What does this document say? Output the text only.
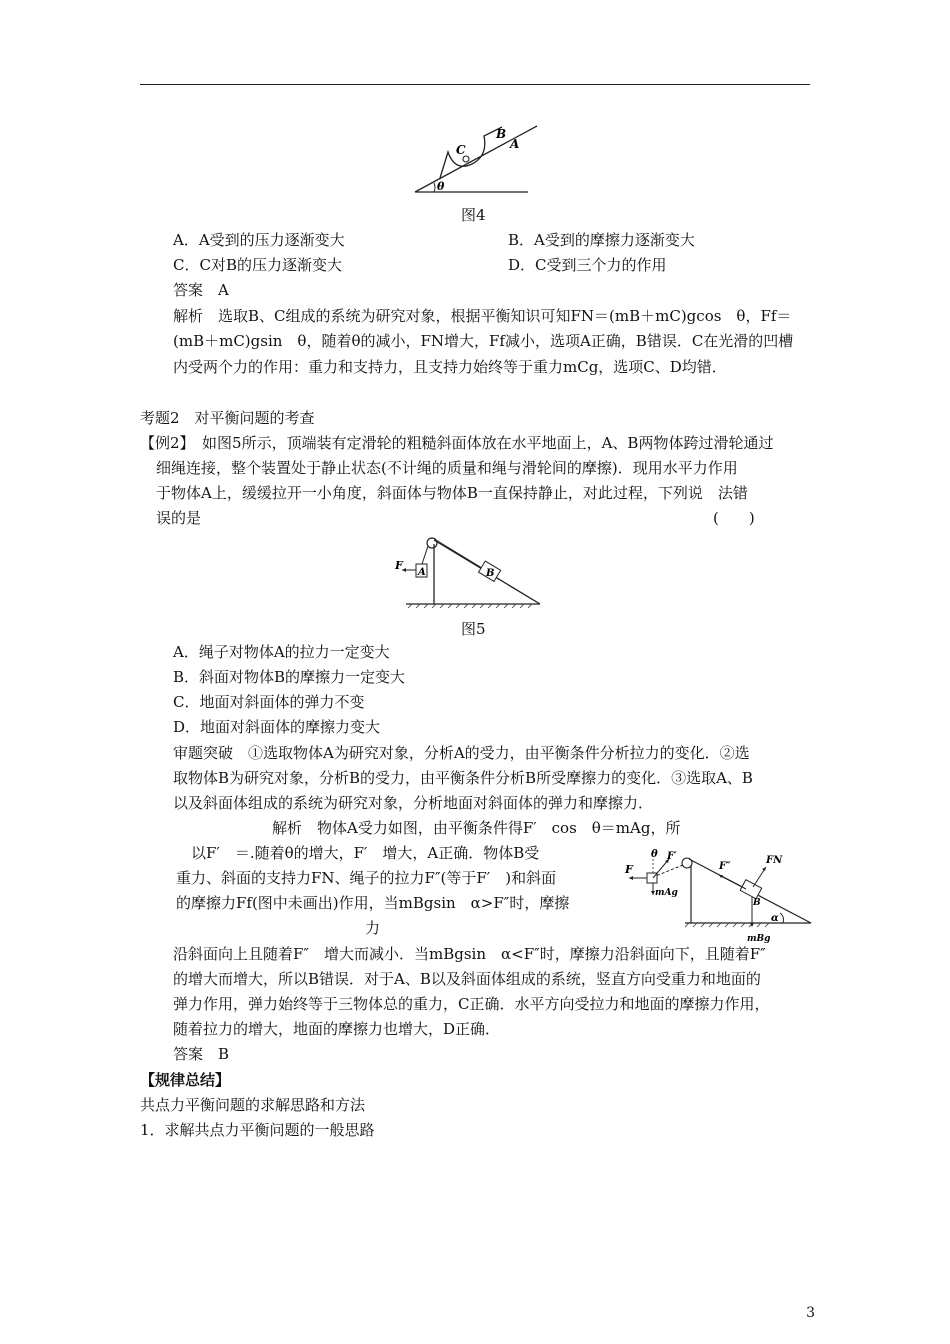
C
B
A
θ
图4
A．A受到的压力逐渐变大	B．A受到的摩擦力逐渐变大
C．C对B的压力逐渐变大	D．C受到三个力的作用
答案　A
解析　选取B、C组成的系统为研究对象，根据平衡知识可知FN＝(mB＋mC)gcos　θ，Ff＝
(mB＋mC)gsin　θ，随着θ的减小，FN增大，Ff减小，选项A正确，B错误．C在光滑的凹槽
内受两个力的作用：重力和支持力，且支持力始终等于重力mCg，选项C、D均错．
考题2　对平衡问题的考查
【例2】　如图5所示，顶端装有定滑轮的粗糙斜面体放在水平地面上，A、B两物体跨过滑轮通过
细绳连接，整个装置处于静止状态(不计绳的质量和绳与滑轮间的摩擦)．现用水平力作用
于物体A上，缓缓拉开一小角度，斜面体与物体B一直保持静止，对此过程，下列说　法错
误的是	(　　)
F
A	B
图5
A．绳子对物体A的拉力一定变大
B．斜面对物体B的摩擦力一定变大
C．地面对斜面体的弹力不变
D．地面对斜面体的摩擦力变大
审题突破　①选取物体A为研究对象，分析A的受力，由平衡条件分析拉力的变化．②选
取物体B为研究对象，分析B的受力，由平衡条件分析B所受摩擦力的变化．③选取A、B
以及斜面体组成的系统为研究对象，分析地面对斜面体的弹力和摩擦力．
解析　物体A受力如图，由平衡条件得F′　cos　θ＝mAg，所
以F′　＝.随着θ的增大，F′　增大，A正确．物体B受
重力、斜面的支持力FN、绳子的拉力F″(等于F′　)和斜面
的摩擦力Ff(图中未画出)作用，当mBgsin　α>F″时，摩擦
力
θ
F
F′
mAg
F″
FN
B
α
mBg
沿斜面向上且随着F″　增大而减小．当mBgsin　α<F″时，摩擦力沿斜面向下，且随着F″
的增大而增大，所以B错误．对于A、B以及斜面体组成的系统，竖直方向受重力和地面的
弹力作用，弹力始终等于三物体总的重力，C正确．水平方向受拉力和地面的摩擦力作用，
随着拉力的增大，地面的摩擦力也增大，D正确．
答案　B
【规律总结】
共点力平衡问题的求解思路和方法
1．求解共点力平衡问题的一般思路
3
